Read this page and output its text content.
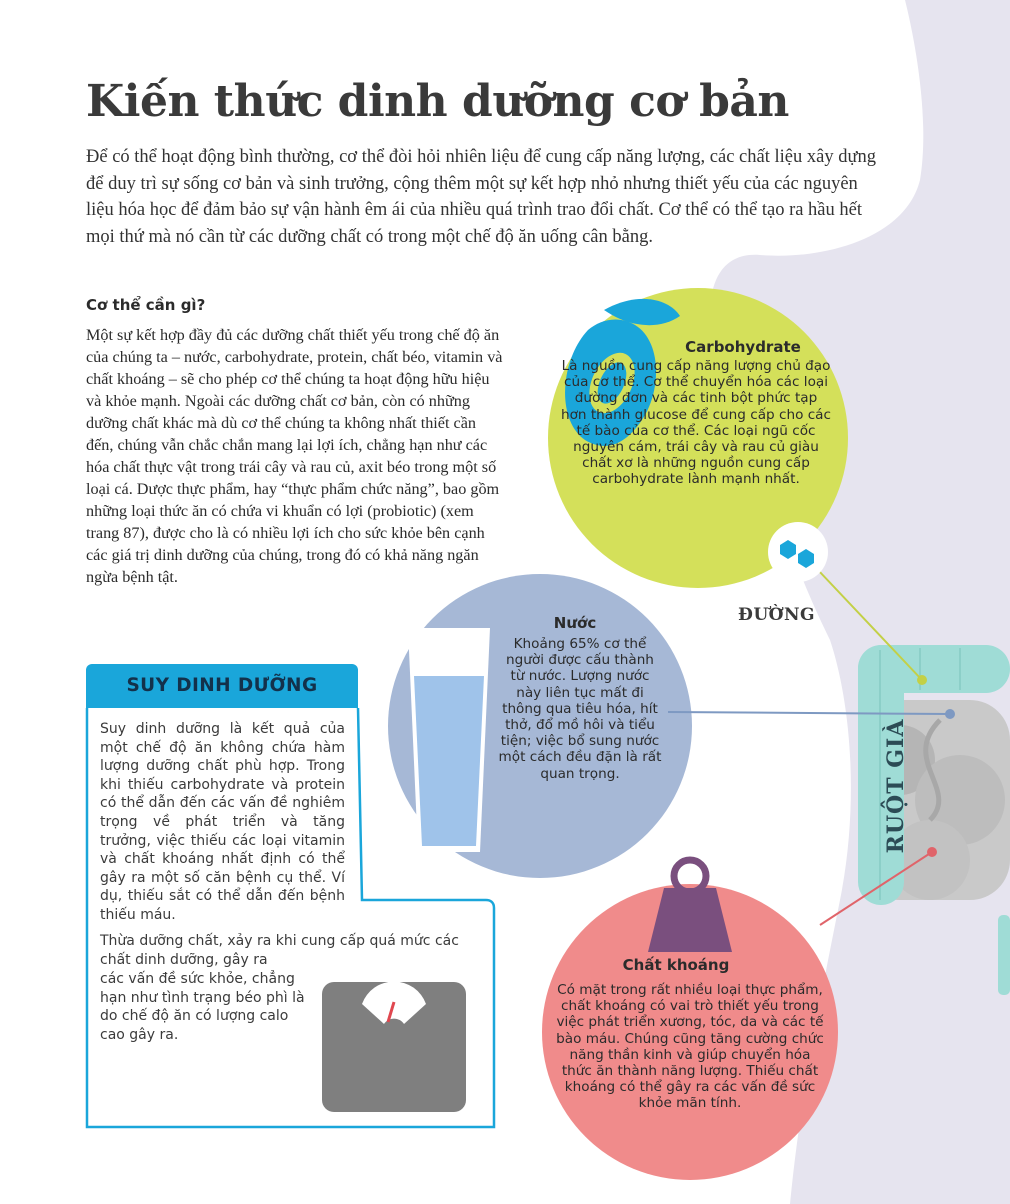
Kiến thức dinh dưỡng cơ bản

Để có thể hoạt động bình thường, cơ thể đòi hỏi nhiên liệu để cung cấp năng lượng, các chất liệu xây dựng để duy trì sự sống cơ bản và sinh trưởng, cộng thêm một sự kết hợp nhỏ nhưng thiết yếu của các nguyên liệu hóa học để đảm bảo sự vận hành êm ái của nhiều quá trình trao đổi chất. Cơ thể có thể tạo ra hầu hết mọi thứ mà nó cần từ các dưỡng chất có trong một chế độ ăn uống cân bằng.

Cơ thể cần gì?

Một sự kết hợp đầy đủ các dưỡng chất thiết yếu trong chế độ ăn của chúng ta – nước, carbohydrate, protein, chất béo, vitamin và chất khoáng – sẽ cho phép cơ thể chúng ta hoạt động hữu hiệu và khỏe mạnh. Ngoài các dưỡng chất cơ bản, còn có những dưỡng chất khác mà dù cơ thể chúng ta không nhất thiết cần đến, chúng vẫn chắc chắn mang lại lợi ích, chẳng hạn như các hóa chất thực vật trong trái cây và rau củ, axit béo trong một số loại cá. Dược thực phẩm, hay “thực phẩm chức năng”, bao gồm những loại thức ăn có chứa vi khuẩn có lợi (probiotic) (xem trang 87), được cho là có nhiều lợi ích cho sức khỏe bên cạnh các giá trị dinh dưỡng của chúng, trong đó có khả năng ngăn ngừa bệnh tật.

SUY DINH DƯỠNG

Suy dinh dưỡng là kết quả của một chế độ ăn không chứa hàm lượng dưỡng chất phù hợp. Trong khi thiếu carbohydrate và protein có thể dẫn đến các vấn đề nghiêm trọng về phát triển và tăng trưởng, việc thiếu các loại vitamin và chất khoáng nhất định có thể gây ra một số căn bệnh cụ thể. Ví dụ, thiếu sắt có thể dẫn đến bệnh thiếu máu.

Thừa dưỡng chất, xảy ra khi cung cấp quá mức các chất dinh dưỡng, gây ra

các vấn đề sức khỏe, chẳng hạn như tình trạng béo phì là do chế độ ăn có lượng calo cao gây ra.

Carbohydrate

Là nguồn cung cấp năng lượng chủ đạo của cơ thể. Cơ thể chuyển hóa các loại đường đơn và các tinh bột phức tạp hơn thành glucose để cung cấp cho các tế bào của cơ thể. Các loại ngũ cốc nguyên cám, trái cây và rau củ giàu chất xơ là những nguồn cung cấp carbohydrate lành mạnh nhất.

Nước

Khoảng 65% cơ thể người được cấu thành từ nước. Lượng nước này liên tục mất đi thông qua tiêu hóa, hít thở, đổ mồ hôi và tiểu tiện; việc bổ sung nước một cách đều đặn là rất quan trọng.

Chất khoáng

Có mặt trong rất nhiều loại thực phẩm, chất khoáng có vai trò thiết yếu trong việc phát triển xương, tóc, da và các tế bào máu. Chúng cũng tăng cường chức năng thần kinh và giúp chuyển hóa thức ăn thành năng lượng. Thiếu chất khoáng có thể gây ra các vấn đề sức khỏe mãn tính.

ĐƯỜNG

RUỘT GIÀ
